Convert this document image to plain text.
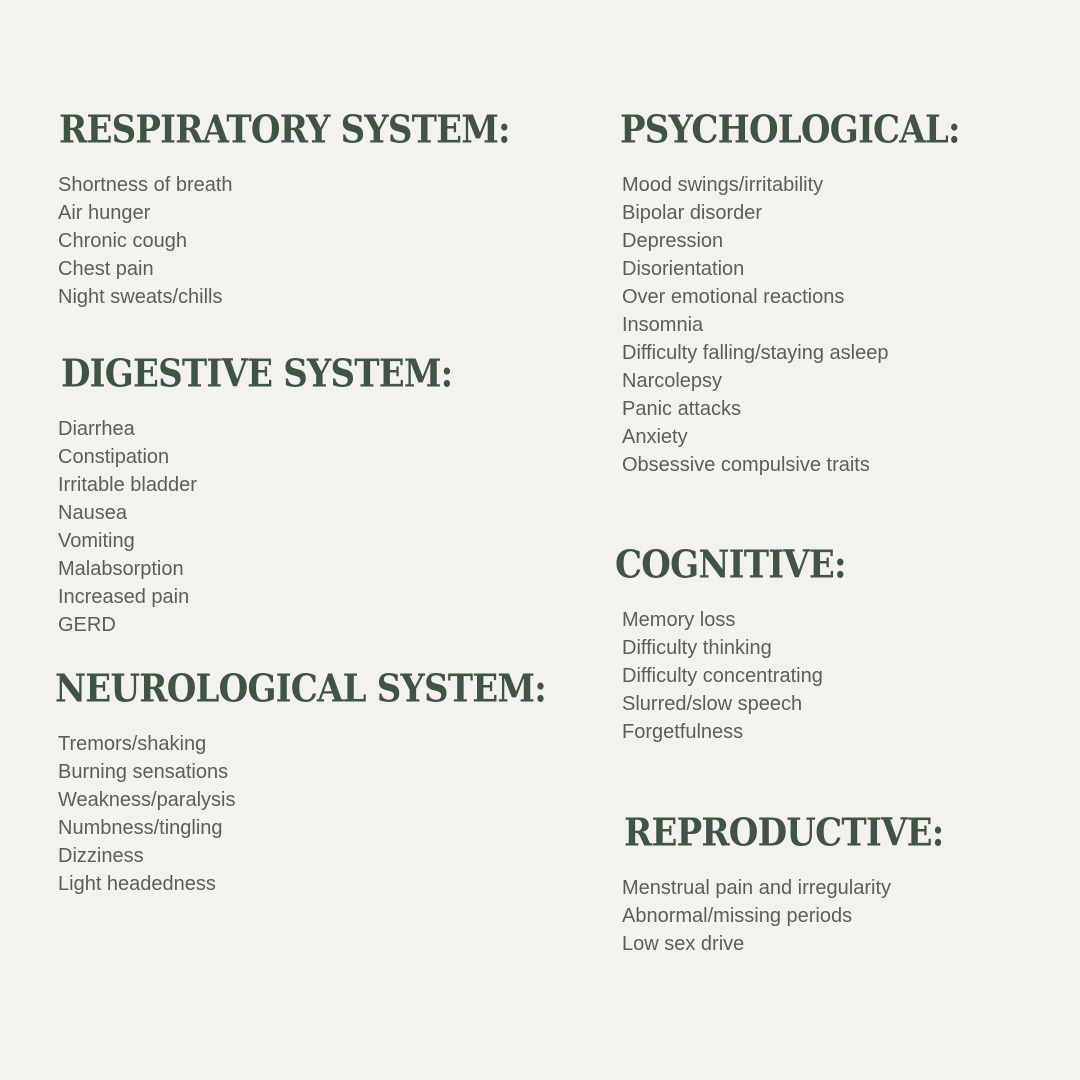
RESPIRATORY SYSTEM:
Shortness of breath
Air hunger
Chronic cough
Chest pain
Night sweats/chills
DIGESTIVE SYSTEM:
Diarrhea
Constipation
Irritable bladder
Nausea
Vomiting
Malabsorption
Increased pain
GERD
NEUROLOGICAL SYSTEM:
Tremors/shaking
Burning sensations
Weakness/paralysis
Numbness/tingling
Dizziness
Light headedness
PSYCHOLOGICAL:
Mood swings/irritability
Bipolar disorder
Depression
Disorientation
Over emotional reactions
Insomnia
Difficulty falling/staying asleep
Narcolepsy
Panic attacks
Anxiety
Obsessive compulsive traits
COGNITIVE:
Memory loss
Difficulty thinking
Difficulty concentrating
Slurred/slow speech
Forgetfulness
REPRODUCTIVE:
Menstrual pain and irregularity
Abnormal/missing periods
Low sex drive
